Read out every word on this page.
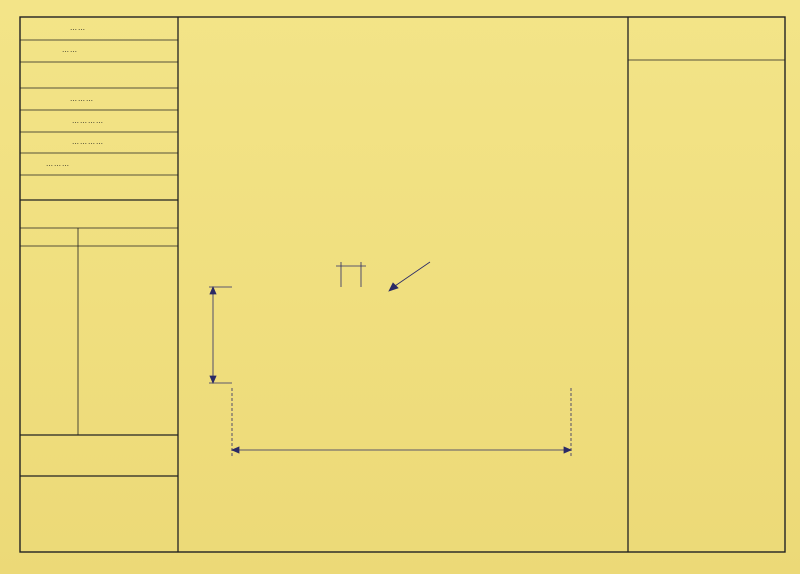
……
……
………
…………
…………
………
